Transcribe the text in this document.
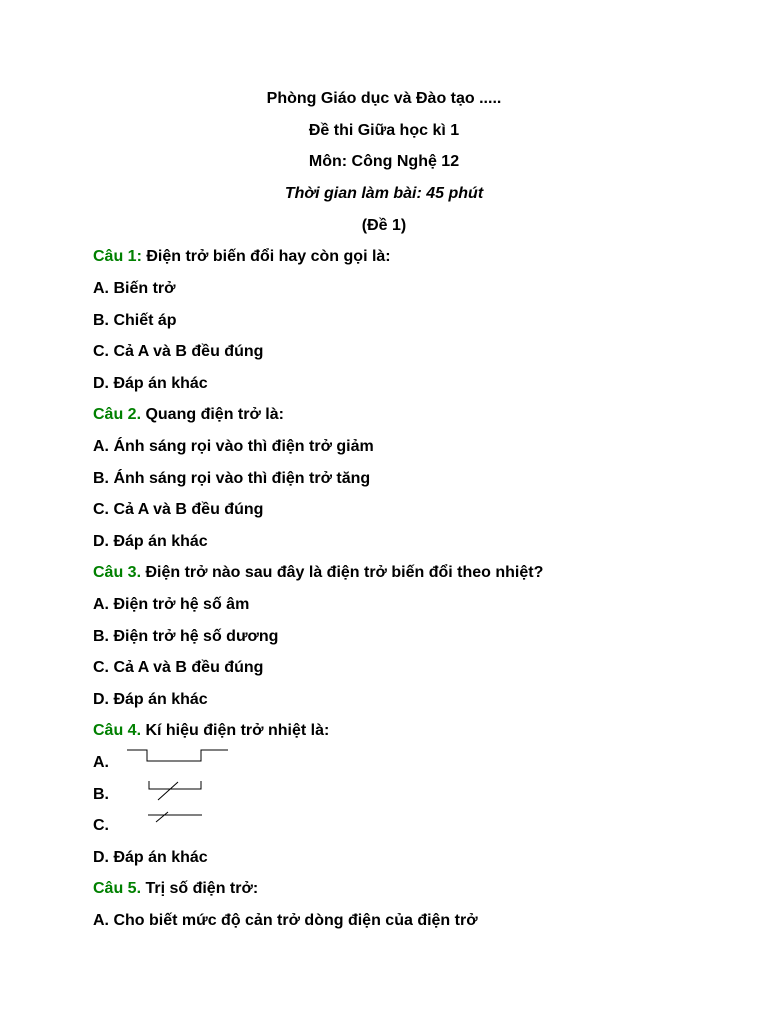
Phòng Giáo dục và Đào tạo .....
Đề thi Giữa học kì 1
Môn: Công Nghệ 12
Thời gian làm bài: 45 phút
(Đề 1)
Câu 1: Điện trở biến đổi hay còn gọi là:
A. Biến trở
B. Chiết áp
C. Cả A và B đều đúng
D. Đáp án khác
Câu 2. Quang điện trở là:
A. Ánh sáng rọi vào thì điện trở giảm
B. Ánh sáng rọi vào thì điện trở tăng
C. Cả A và B đều đúng
D. Đáp án khác
Câu 3. Điện trở nào sau đây là điện trở biến đổi theo nhiệt?
A. Điện trở hệ số âm
B. Điện trở hệ số dương
C. Cả A và B đều đúng
D. Đáp án khác
Câu 4. Kí hiệu điện trở nhiệt là:
A.
B.
C.
D. Đáp án khác
Câu 5. Trị số điện trở:
A. Cho biết mức độ cản trở dòng điện của điện trở
